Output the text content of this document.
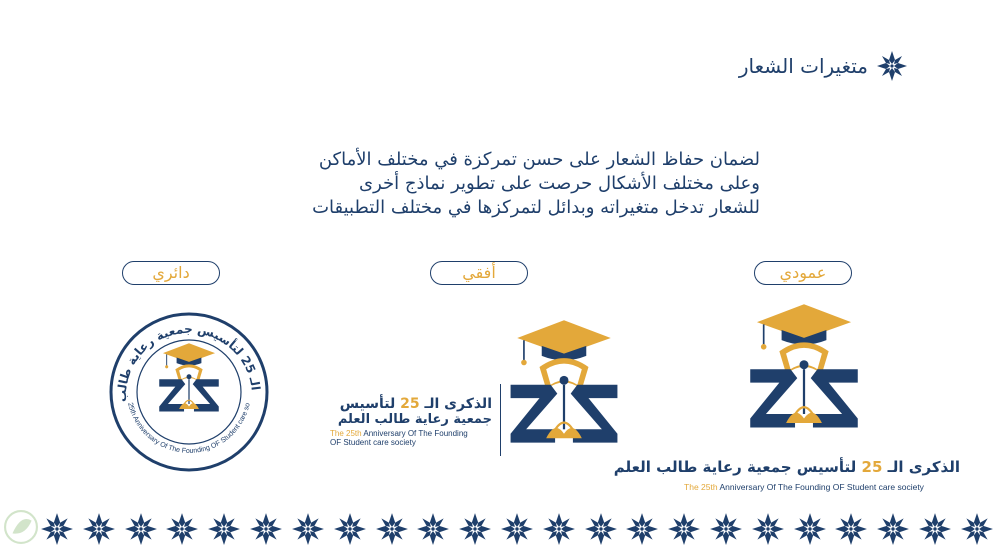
متغيرات الشعار
لضمان حفاظ الشعار على حسن تمركزة في مختلف الأماكن
وعلى مختلف الأشكال حرصت على تطوير نماذج أخرى
للشعار تدخل متغيراته وبدائل لتمركزها في مختلف التطبيقات
دائري	أفقي	عمودي
الـ 25 لتأسيس جمعية رعاية طالب
25th Anniversary Of The Founding OF Student care so	الذكرى الـ 25 لتأسيس
جمعية رعاية طالب العلم
The 25th Anniversary Of The Founding
OF Student care society
الذكرى الـ 25 لتأسيس جمعية رعاية طالب العلم
The 25th Anniversary Of The Founding OF Student care society
